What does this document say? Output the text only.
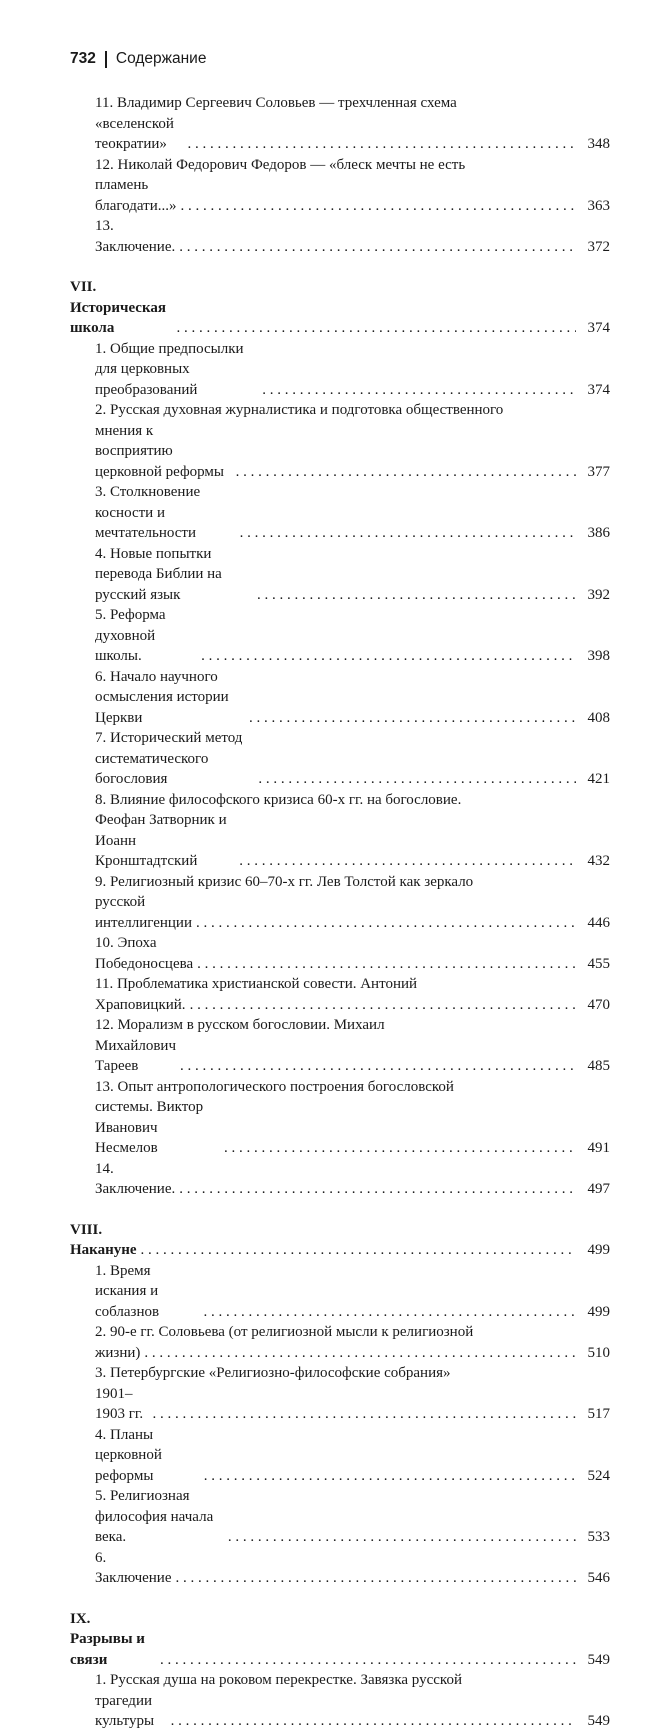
732 Содержание
11. Владимир Сергеевич Соловьев — трехчленная схема
«вселенской теократии» . . .	348
12. Николай Федорович Федоров — «блеск мечты не есть
пламень благодати...» . . .	363
13. Заключение. . . .	372
VII. Историческая школа . . .	374
1. Общие предпосылки для церковных преобразований . . .	374
2. Русская духовная журналистика и подготовка общественного
мнения к восприятию церковной реформы . . .	377
3. Столкновение косности и мечтательности . . .	386
4. Новые попытки перевода Библии на русский язык . . .	392
5. Реформа духовной школы. . . .	398
6. Начало научного осмысления истории Церкви . . .	408
7. Исторический метод систематического богословия . . .	421
8. Влияние философского кризиса 60-х гг. на богословие.
Феофан Затворник и Иоанн Кронштадтский . . .	432
9. Религиозный кризис 60–70-х гг. Лев Толстой как зеркало
русской интеллигенции . . .	446
10. Эпоха Победоносцева . . .	455
11. Проблематика христианской совести. Антоний
Храповицкий. . . .	470
12. Морализм в русском богословии. Михаил
Михайлович Тареев . . .	485
13. Опыт антропологического построения богословской
системы. Виктор Иванович Несмелов . . .	491
14. Заключение. . . .	497
VIII. Накануне . . .	499
1. Время искания и соблазнов . . .	499
2. 90-е гг. Соловьева (от религиозной мысли к религиозной
жизни) . . .	510
3. Петербургские «Религиозно-философские собрания»
1901–1903 гг. . . .	517
4. Планы церковной реформы . . .	524
5. Религиозная философия начала века. . . .	533
6. Заключение . . .	546
IX. Разрывы и связи . . .	549
1. Русская душа на роковом перекрестке. Завязка русской
трагедии культуры . . .	549
